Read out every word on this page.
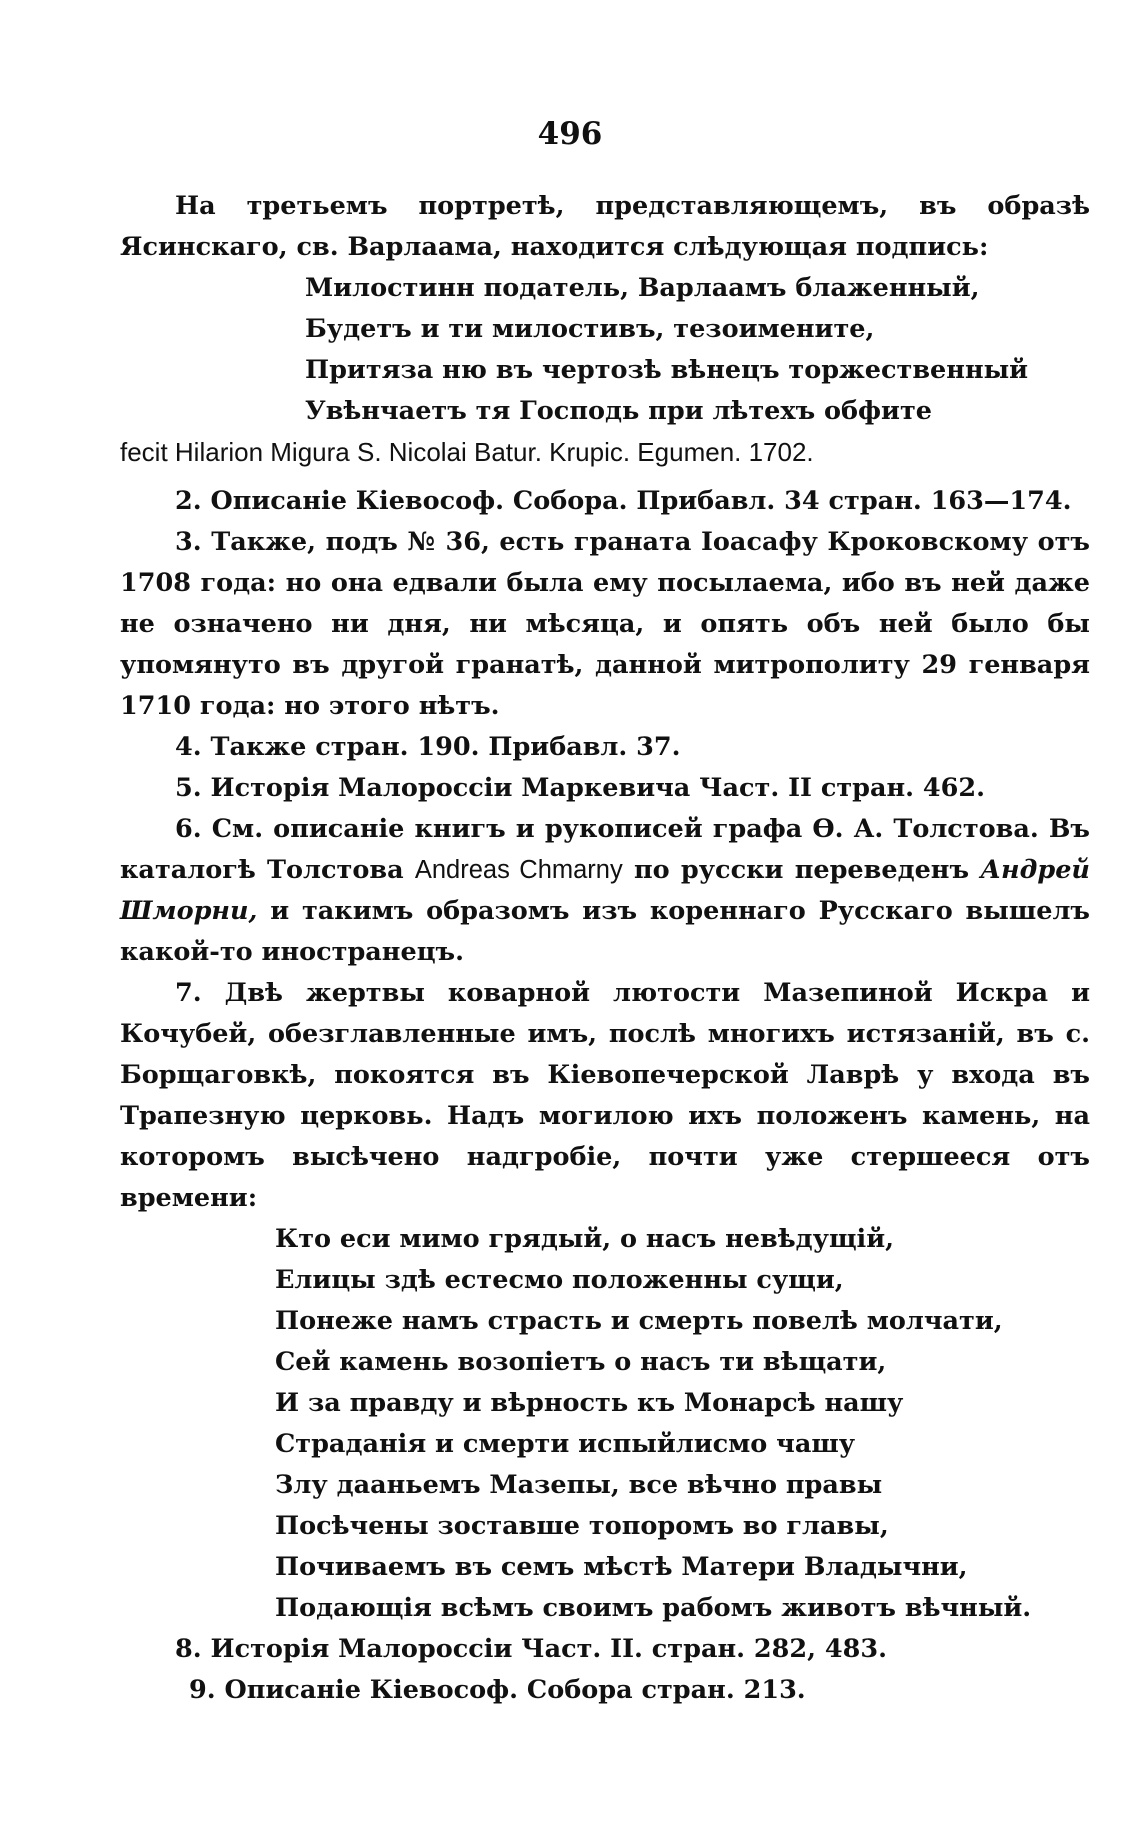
496

На третьемъ портретѣ, представляющемъ, въ образѣ Ясинскаго, св. Варлаама, находится слѣдующая подпись:

Милостинн податель, Варлаамъ блаженный,
Будетъ и ти милостивъ, тезоименитe,
Притяза ню въ чертозѣ вѣнецъ торжественный
Увѣнчаетъ тя Господь при лѣтехъ обфите

fecit Hilarion Migura S. Nicolai Batur. Krupic. Egumen. 1702.

2. Описаніе Кіевософ. Собора. Прибавл. 34 стран. 163—174.

3. Также, подъ № 36, есть граната Іоасафу Кроковскому отъ 1708 года: но она едвали была ему посылаема, ибо въ ней даже не означено ни дня, ни мѣсяца, и опять объ ней было бы упомянуто въ другой гранатѣ, данной митрополиту 29 генваря 1710 года: но этого нѣтъ.

4. Также стран. 190. Прибавл. 37.

5. Исторія Малороссіи Маркевича Част. II стран. 462.

6. См. описаніе книгъ и рукописей графа Ѳ. А. Толстова. Въ каталогѣ Толстова Andreas Chmarny по русски переведенъ Андрей Шморни, и такимъ образомъ изъ кореннаго Русскаго вышелъ какой-то иностранецъ.

7. Двѣ жертвы коварной лютости Мазепиной Искра и Кочубей, обезглавленные имъ, послѣ многихъ истязаній, въ с. Борщаговкѣ, покоятся въ Кіевопечерской Лаврѣ у входа въ Трапезную церковь. Надъ могилою ихъ положенъ камень, на которомъ высѣчено надгробіе, почти уже стершееся отъ времени:

Кто еси мимо грядый, о насъ невѣдущій,
Елицы здѣ естесмо положенны сущи,
Понеже намъ страсть и смерть повелѣ молчати,
Сей камень возопіетъ о насъ ти вѣщати,
И за правду и вѣрность къ Монарсѣ нашу
Страданія и смерти испыйлисмо чашу
Злу дааньемъ Мазепы, все вѣчно правы
Посѣчены зоставше топоромъ во главы,
Почиваемъ въ семъ мѣстѣ Матери Владычни,
Подающія всѣмъ своимъ рабомъ животъ вѣчный.

8. Исторія Малороссіи Част. II. стран. 282, 483.

9. Описаніе Кіевософ. Собора стран. 213.
